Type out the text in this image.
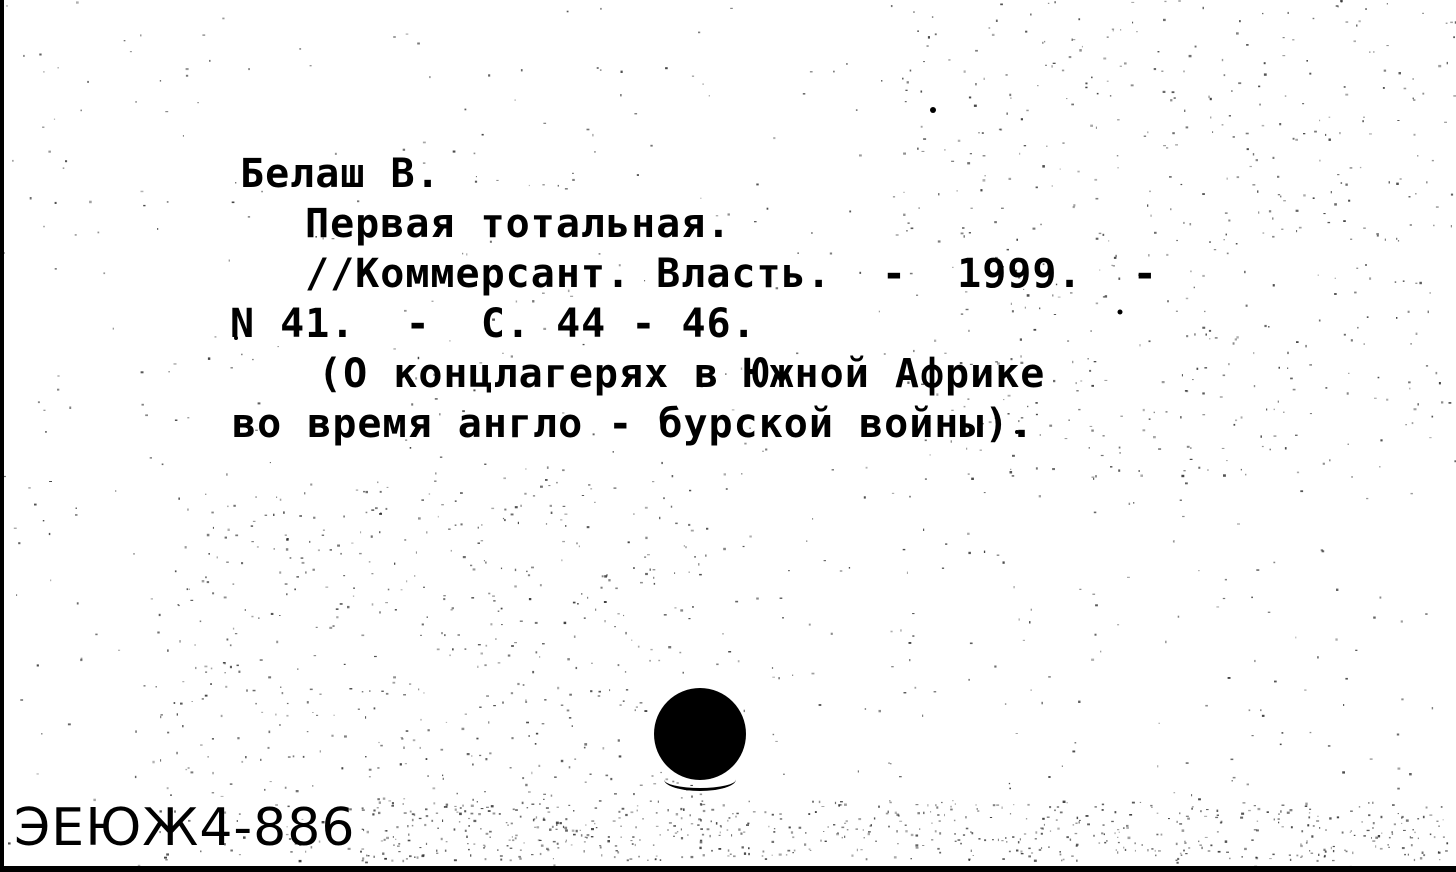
Белаш В.

Первая тотальная.

//Коммерсант. Власть.  -  1999.  -

N 41.  -  С. 44 - 46.

(О концлагерях в Южной Африке

во время англо - бурской войны).

ЭЕЮЖ4-886
